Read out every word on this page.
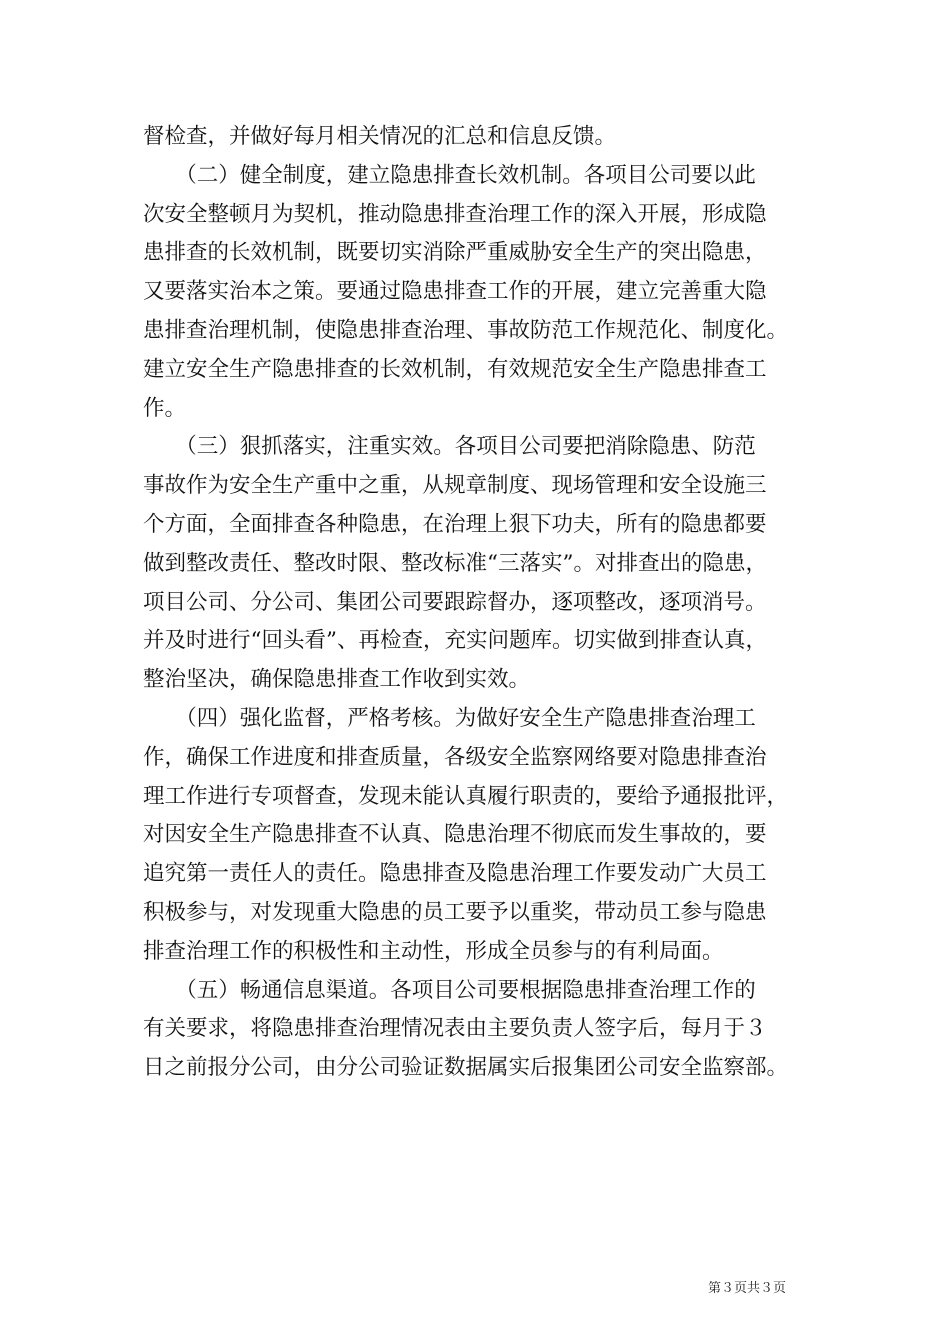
督检查，并做好每月相关情况的汇总和信息反馈。
　　（二）健全制度，建立隐患排查长效机制。各项目公司要以此
次安全整顿月为契机，推动隐患排查治理工作的深入开展，形成隐
患排查的长效机制，既要切实消除严重威胁安全生产的突出隐患，
又要落实治本之策。要通过隐患排查工作的开展，建立完善重大隐
患排查治理机制，使隐患排查治理、事故防范工作规范化、制度化。
建立安全生产隐患排查的长效机制，有效规范安全生产隐患排查工
作。
　　（三）狠抓落实，注重实效。各项目公司要把消除隐患、防范
事故作为安全生产重中之重，从规章制度、现场管理和安全设施三
个方面，全面排查各种隐患，在治理上狠下功夫，所有的隐患都要
做到整改责任、整改时限、整改标准“三落实”。对排查出的隐患，
项目公司、分公司、集团公司要跟踪督办，逐项整改，逐项消号。
并及时进行“回头看”、再检查，充实问题库。切实做到排查认真，
整治坚决，确保隐患排查工作收到实效。
　　（四）强化监督，严格考核。为做好安全生产隐患排查治理工
作，确保工作进度和排查质量，各级安全监察网络要对隐患排查治
理工作进行专项督查，发现未能认真履行职责的，要给予通报批评，
对因安全生产隐患排查不认真、隐患治理不彻底而发生事故的，要
追究第一责任人的责任。隐患排查及隐患治理工作要发动广大员工
积极参与，对发现重大隐患的员工要予以重奖，带动员工参与隐患
排查治理工作的积极性和主动性，形成全员参与的有利局面。
　　（五）畅通信息渠道。各项目公司要根据隐患排查治理工作的
有关要求，将隐患排查治理情况表由主要负责人签字后，每月于３
日之前报分公司，由分公司验证数据属实后报集团公司安全监察部。
第３页共３页
